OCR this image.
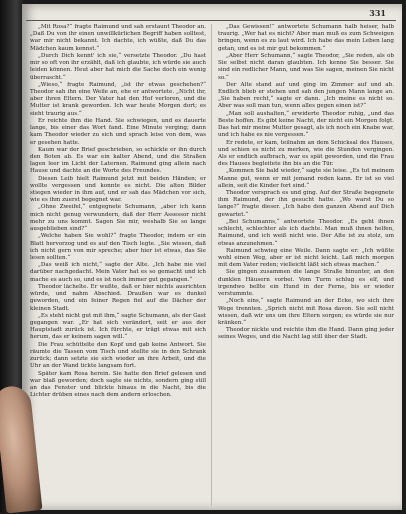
331

„Mit Rosa?“ fragte Raimund und sah erstaunt Theodor an. „Daß Du von ihr einen unwillkürlichen Begriff haben solltest, war mir nicht bekannt. Ich dachte, ich wüßte, daß Du das Mädchen kaum kennst.“

„Durch Dich kennt' ich sie,“ versetzte Theodor. „Du hast mir so oft von ihr erzählt, daß ich glaubte, ich würde sie auch leiden können. Heut aber hat mich die Sache doch ein wenig überrascht.“

„Wieso,“ fragte Raimund, „ist ihr etwas geschehen?“ Theodor sah ihn eine Weile an, ehe er antwortete. „Nicht ihr, aber ihren Eltern. Der Vater hat den Hof verloren, und die Mutter ist krank geworden. Ich war heute Morgen dort; es sieht traurig aus.“

Er reichte ihm die Hand. Sie schwiegen, und es dauerte lange, bis einer das Wort fand. Eine Minute verging; dann kam Theodor wieder zu sich und sprach leise von dem, was er gesehen hatte.

Kaum war der Brief geschrieben, so schickte er ihn durch den Boten ab. Es war ein kalter Abend, und die Straßen lagen leer im Licht der Laternen. Raimund ging allein nach Hause und dachte an die Worte des Freundes.

Diesen Leib hielt Raimund jetzt mit beiden Händen; er wollte vergessen und konnte es nicht. Die alten Bilder stiegen wieder in ihm auf, und er sah das Mädchen vor sich, wie es ihm zuerst begegnet war.

„Ohne Zweifel,“ entgegnete Schumann, „aber ich kann mich nicht genug verwundern, daß der Herr Assessor nicht mehr zu uns kommt. Sagen Sie mir, weshalb Sie so lange ausgeblieben sind?“

„Welche haben Sie wohl?“ fragte Theodor, indem er ein Blatt hervorzog und es auf den Tisch legte. „Sie wissen, daß ich nicht gern von mir spreche; aber hier ist etwas, das Sie lesen sollten.“

„Das weiß ich nicht,“ sagte der Alte. „Ich habe nie viel darüber nachgedacht. Mein Vater hat es so gemacht und ich mache es auch so, und es ist noch immer gut gegangen.“

Theodor lächelte. Er wußte, daß er hier nichts ausrichten würde, und nahm Abschied. Draußen war es dunkel geworden, und ein feiner Regen fiel auf die Dächer der kleinen Stadt.

„Es steht nicht gut mit ihm,“ sagte Schumann, als der Gast gegangen war. „Er hat sich verändert, seit er aus der Hauptstadt zurück ist. Ich fürchte, er trägt etwas mit sich herum, das er keinem sagen will.“

Die Frau schüttelte den Kopf und gab keine Antwort. Sie räumte die Tassen vom Tisch und stellte sie in den Schrank zurück; dann setzte sie sich wieder an ihre Arbeit, und die Uhr an der Wand tickte langsam fort.

Später kam Rosa herein. Sie hatte den Brief gelesen und war blaß geworden; doch sagte sie nichts, sondern ging still an das Fenster und blickte hinaus in die Nacht, bis die Lichter drüben eines nach dem andern erloschen.

„Das Gewissen!“ antwortete Schumann halb heiser, halb traurig. „Wer hat es nicht? Aber man muß es zum Schweigen bringen, wenn es zu laut wird. Ich habe das mein Leben lang getan, und es ist mir gut bekommen.“

„Aber Herr Schumann,“ sagte Theodor, „Sie reden, als ob Sie selbst nicht daran glaubten. Ich kenne Sie besser. Sie sind ein redlicher Mann, und was Sie sagen, meinen Sie nicht so.“

Der Alte stand auf und ging im Zimmer auf und ab. Endlich blieb er stehen und sah den jungen Mann lange an. „Sie haben recht,“ sagte er dann. „Ich meine es nicht so. Aber was soll man tun, wenn alles gegen einen ist?“

„Man soll aushalten,“ erwiderte Theodor ruhig, „und das Beste hoffen. Es gibt keine Nacht, der nicht ein Morgen folgt. Das hat mir meine Mutter gesagt, als ich noch ein Knabe war, und ich habe es nie vergessen.“

Er redete, er kam, teilnahm an dem Schicksal des Hauses, und schien es nicht zu merken, wie die Stunden vergingen. Als er endlich aufbrach, war es spät geworden, und die Frau des Hauses begleitete ihn bis an die Tür.

„Kommen Sie bald wieder,“ sagte sie leise. „Es tut meinem Manne gut, wenn er mit jemand reden kann. Er ist so viel allein, seit die Kinder fort sind.“

Theodor versprach es und ging. Auf der Straße begegnete ihm Raimund, der ihn gesucht hatte. „Wo warst Du so lange?“ fragte dieser. „Ich habe den ganzen Abend auf Dich gewartet.“

„Bei Schumanns,“ antwortete Theodor. „Es geht ihnen schlecht, schlechter als ich dachte. Man muß ihnen helfen, Raimund, und ich weiß nicht wie. Der Alte ist zu stolz, um etwas anzunehmen.“

Raimund schwieg eine Weile. Dann sagte er: „Ich wüßte wohl einen Weg, aber er ist nicht leicht. Laß mich morgen mit dem Vater reden; vielleicht läßt sich etwas machen.“

Sie gingen zusammen die lange Straße hinunter, an den dunklen Häusern vorbei. Vom Turm schlug es elf, und irgendwo bellte ein Hund in der Ferne, bis er wieder verstummte.

„Noch eins,“ sagte Raimund an der Ecke, wo sich ihre Wege trennten. „Sprich nicht mit Rosa davon. Sie soll nicht wissen, daß wir uns um ihre Eltern sorgen; es würde sie nur kränken.“

Theodor nickte und reichte ihm die Hand. Dann ging jeder seines Weges, und die Nacht lag still über der Stadt.
